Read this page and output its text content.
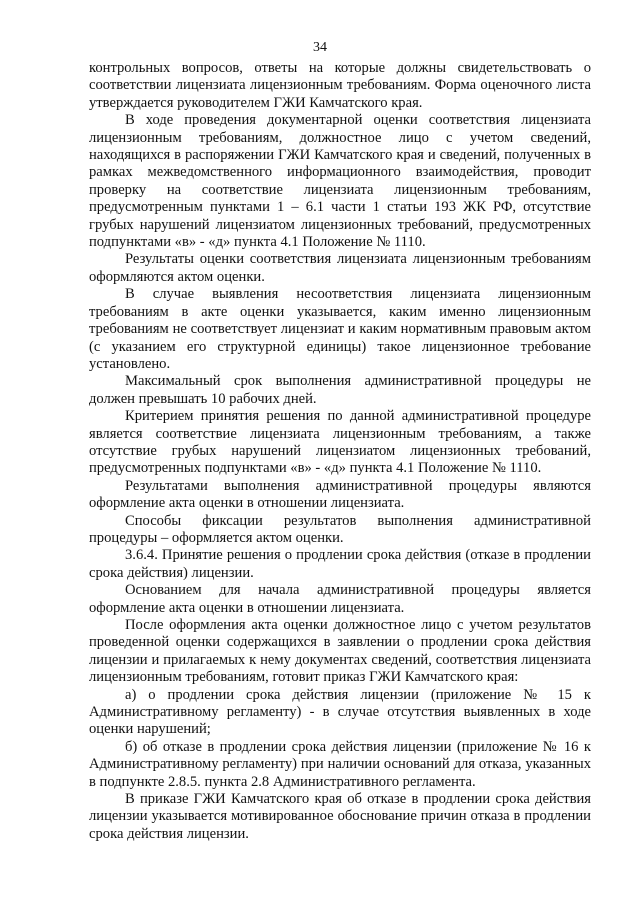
34

контрольных вопросов, ответы на которые должны свидетельствовать о соответствии лицензиата лицензионным требованиям. Форма оценочного листа утверждается руководителем ГЖИ Камчатского края.

В ходе проведения документарной оценки соответствия лицензиата лицензионным требованиям, должностное лицо с учетом сведений, находящихся в распоряжении ГЖИ Камчатского края и сведений, полученных в рамках межведомственного информационного взаимодействия, проводит проверку на соответствие лицензиата лицензионным требованиям, предусмотренным пунктами 1 – 6.1 части 1 статьи 193 ЖК РФ, отсутствие грубых нарушений лицензиатом лицензионных требований, предусмотренных подпунктами «в» - «д» пункта 4.1 Положение № 1110.

Результаты оценки соответствия лицензиата лицензионным требованиям оформляются актом оценки.

В случае выявления несоответствия лицензиата лицензионным требованиям в акте оценки указывается, каким именно лицензионным требованиям не соответствует лицензиат и каким нормативным правовым актом (с указанием его структурной единицы) такое лицензионное требование установлено.

Максимальный срок выполнения административной процедуры не должен превышать 10 рабочих дней.

Критерием принятия решения по данной административной процедуре является соответствие лицензиата лицензионным требованиям, а также отсутствие грубых нарушений лицензиатом лицензионных требований, предусмотренных подпунктами «в» - «д» пункта 4.1 Положение № 1110.

Результатами выполнения административной процедуры являются оформление акта оценки в отношении лицензиата.

Способы фиксации результатов выполнения административной процедуры – оформляется актом оценки.

3.6.4. Принятие решения о продлении срока действия (отказе в продлении срока действия) лицензии.

Основанием для начала административной процедуры является оформление акта оценки в отношении лицензиата.

После оформления акта оценки должностное лицо с учетом результатов проведенной оценки содержащихся в заявлении о продлении срока действия лицензии и прилагаемых к нему документах сведений, соответствия лицензиата лицензионным требованиям, готовит приказ ГЖИ Камчатского края:

а) о продлении срока действия лицензии (приложение № 15 к Административному регламенту) - в случае отсутствия выявленных в ходе оценки нарушений;

б) об отказе в продлении срока действия лицензии (приложение № 16 к Административному регламенту) при наличии оснований для отказа, указанных в подпункте 2.8.5. пункта 2.8 Административного регламента.

В приказе ГЖИ Камчатского края об отказе в продлении срока действия лицензии указывается мотивированное обоснование причин отказа в продлении срока действия лицензии.
